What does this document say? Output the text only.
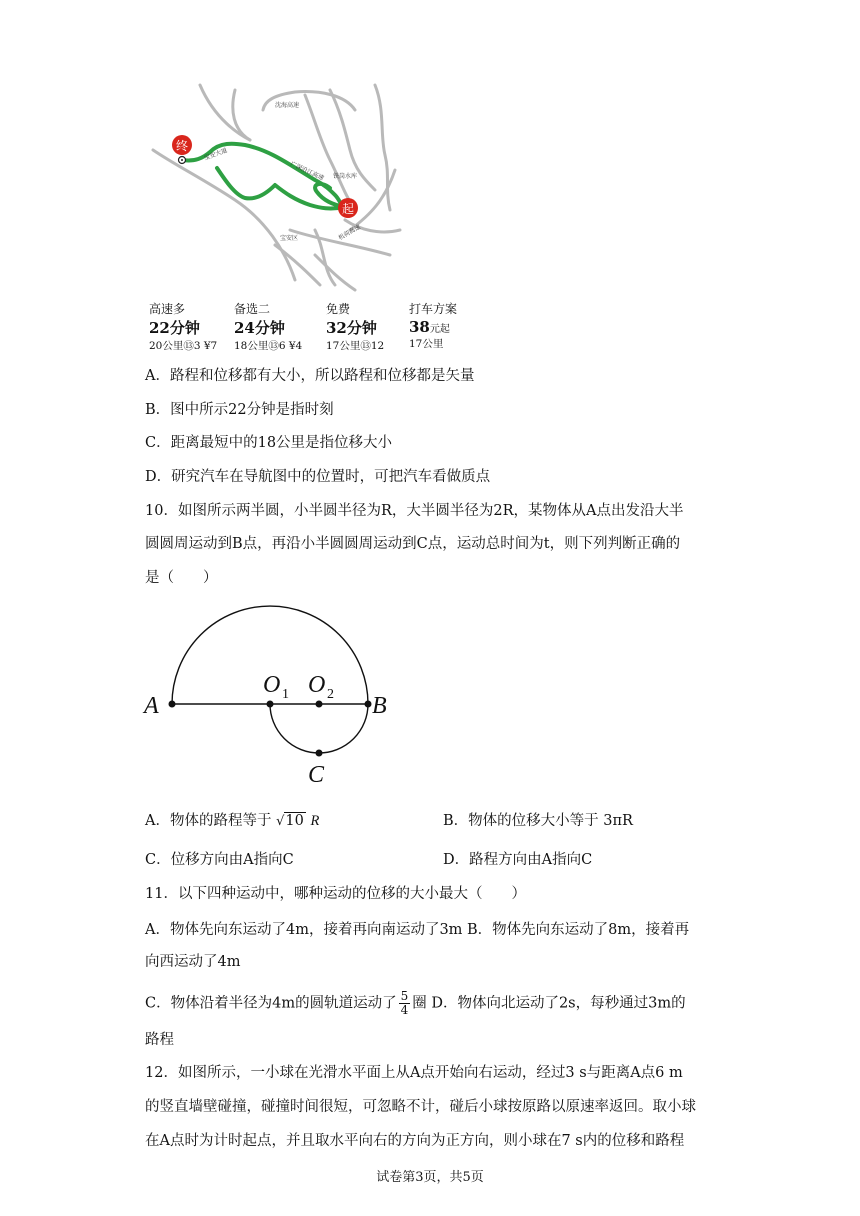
终
起
沈海高速
广深沿江高速
宝安大道
铁岗水库
宝安区	机荷高速
高速多
22分钟
20公里⑬3 ¥7
备选二
24分钟
18公里⑬6 ¥4
免费
32分钟
17公里⑬12
打车方案
38元起
17公里
A．路程和位移都有大小，所以路程和位移都是矢量
B．图中所示22分钟是指时刻
C．距离最短中的18公里是指位移大小
D．研究汽车在导航图中的位置时，可把汽车看做质点
10．如图所示两半圆，小半圆半径为R，大半圆半径为2R，某物体从A点出发沿大半
圆圆周运动到B点，再沿小半圆圆周运动到C点，运动总时间为t，则下列判断正确的
是（　　）
A	B
C
O O
1	2
A．物体的路程等于 √10 R	B．物体的位移大小等于 3πR
C．位移方向由A指向C	D．路程方向由A指向C
11．以下四种运动中，哪种运动的位移的大小最大（　　）
A．物体先向东运动了4m，接着再向南运动了3m B．物体先向东运动了8m，接着再
向西运动了4m
C．物体沿着半径为4m的圆轨道运动了 $\frac{5}{4}$ 圈 D．物体向北运动了2s，每秒通过3m的
路程
12．如图所示，一小球在光滑水平面上从A点开始向右运动，经过3 s与距离A点6 m
的竖直墙壁碰撞，碰撞时间很短，可忽略不计，碰后小球按原路以原速率返回。取小球
在A点时为计时起点，并且取水平向右的方向为正方向，则小球在7 s内的位移和路程
试卷第3页，共5页
